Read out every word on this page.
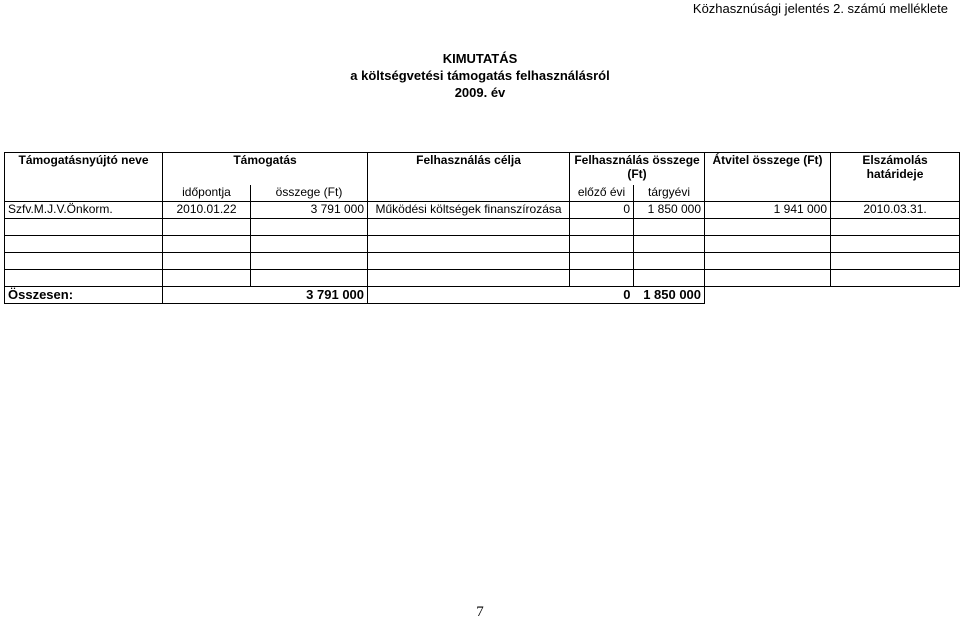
Közhasznúsági jelentés 2. számú melléklete
KIMUTATÁS
a költségvetési támogatás felhasználásról
2009. év
Támogatásnyújtó neve	Támogatás		Felhasználás célja	Felhasználás összege (Ft)		Átvitel összege (Ft)	Elszámolás határideje

	időpontja	összege (Ft)		előző évi	tárgyévi		
Szfv.M.J.V.Önkorm.	2010.01.22	3 791 000	Működési költségek finanszírozása	0	1 850 000	1 941 000	2010.03.31.

Összesen:	3 791 000			0	1 850 000		
7
